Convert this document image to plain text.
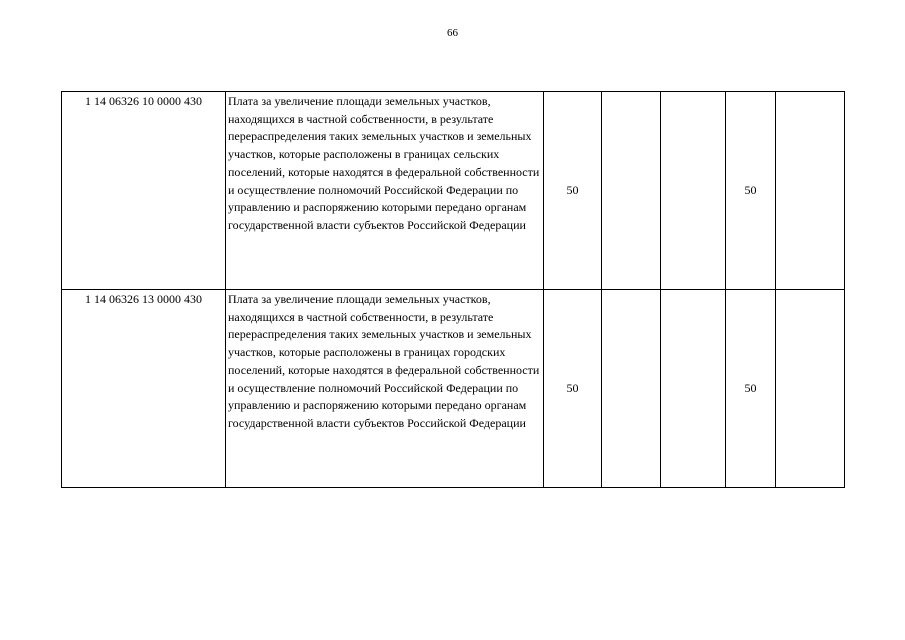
66
1 14 06326 10 0000 430	Плата за увеличение площади земельных участков, находящихся в частной собственности, в результате перераспределения таких земельных участков и земельных участков, которые расположены в границах сельских поселений, которые находятся в федеральной собственности и осуществление полномочий Российской Федерации по управлению и распоряжению которыми передано органам государственной власти субъектов Российской Федерации	50			50	
1 14 06326 13 0000 430	Плата за увеличение площади земельных участков, находящихся в частной собственности, в результате перераспределения таких земельных участков и земельных участков, которые расположены в границах городских поселений, которые находятся в федеральной собственности и осуществление полномочий Российской Федерации по управлению и распоряжению которыми передано органам государственной власти субъектов Российской Федерации	50			50	
